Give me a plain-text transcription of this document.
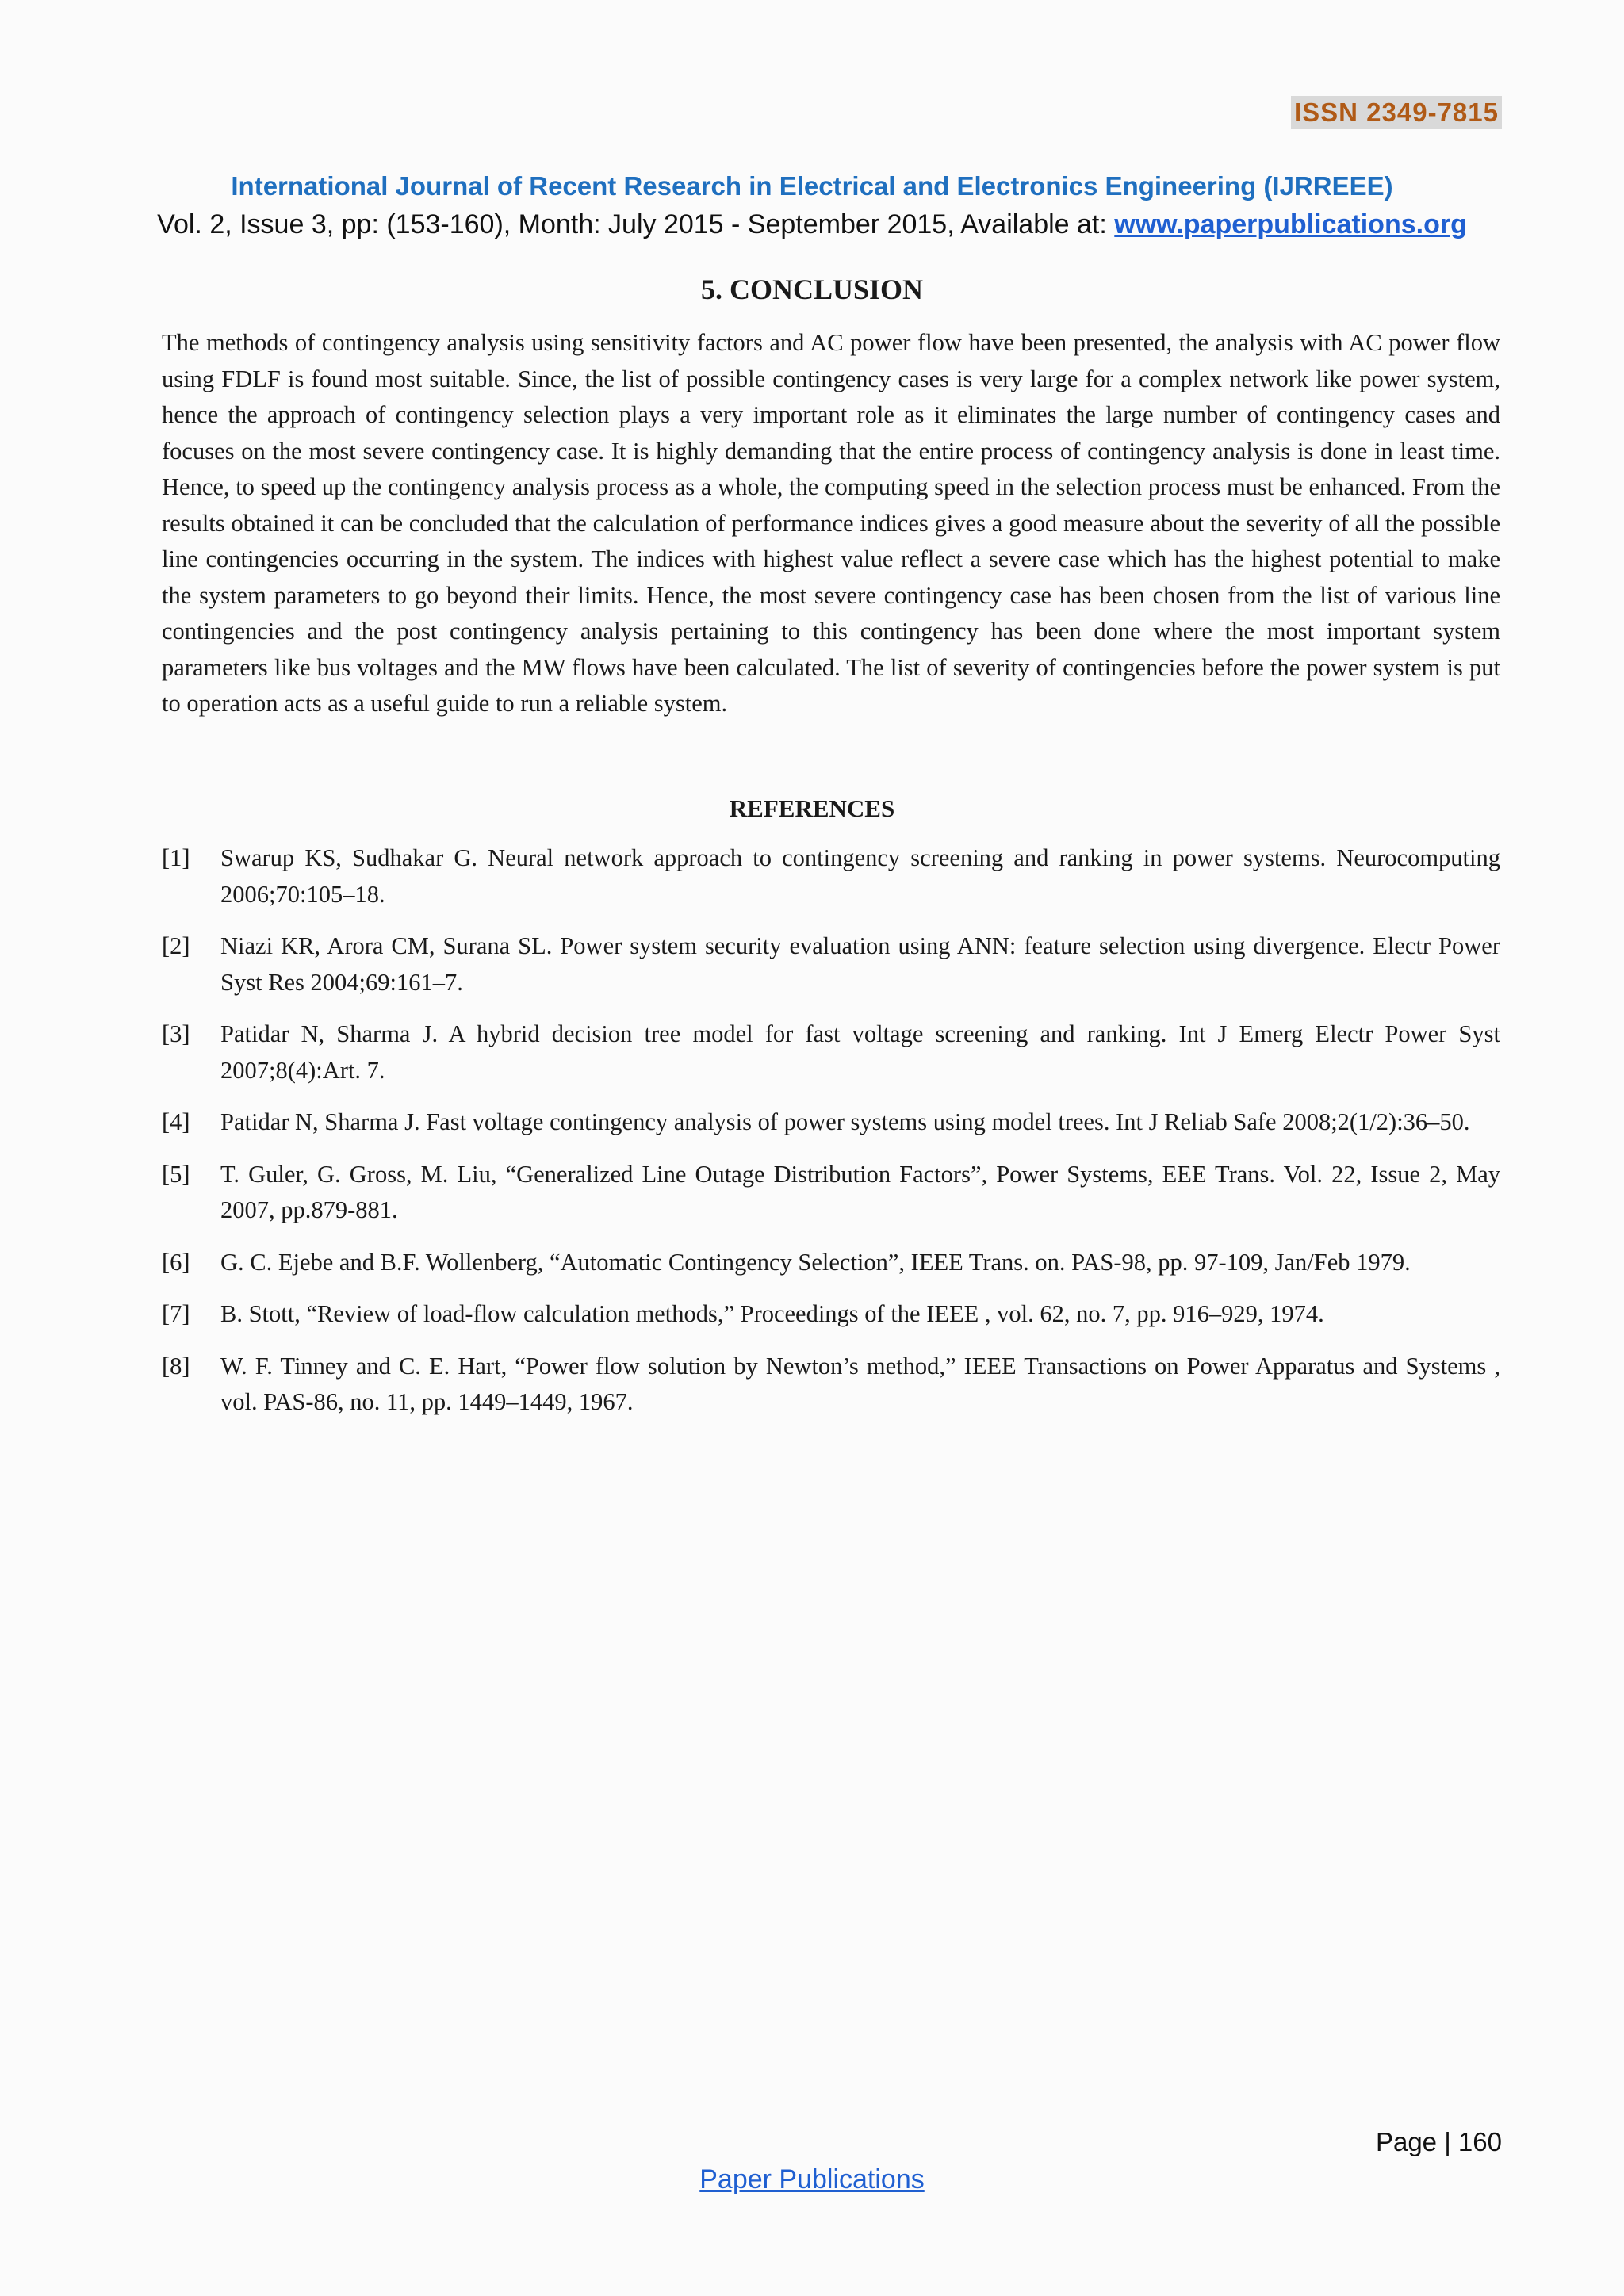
ISSN 2349-7815
International Journal of Recent Research in Electrical and Electronics Engineering (IJRREEE)
Vol. 2, Issue 3, pp: (153-160), Month: July 2015 - September 2015, Available at: www.paperpublications.org
5. CONCLUSION

The methods of contingency analysis using sensitivity factors and AC power flow have been presented, the analysis with AC power flow using FDLF is found most suitable. Since, the list of possible contingency cases is very large for a complex network like power system, hence the approach of contingency selection plays a very important role as it eliminates the large number of contingency cases and focuses on the most severe contingency case. It is highly demanding that the entire process of contingency analysis is done in least time. Hence, to speed up the contingency analysis process as a whole, the computing speed in the selection process must be enhanced. From the results obtained it can be concluded that the calculation of performance indices gives a good measure about the severity of all the possible line contingencies occurring in the system. The indices with highest value reflect a severe case which has the highest potential to make the system parameters to go beyond their limits. Hence, the most severe contingency case has been chosen from the list of various line contingencies and the post contingency analysis pertaining to this contingency has been done where the most important system parameters like bus voltages and the MW flows have been calculated. The list of severity of contingencies before the power system is put to operation acts as a useful guide to run a reliable system.

REFERENCES
[1] Swarup KS, Sudhakar G. Neural network approach to contingency screening and ranking in power systems. Neurocomputing 2006;70:105–18.
[2] Niazi KR, Arora CM, Surana SL. Power system security evaluation using ANN: feature selection using divergence. Electr Power Syst Res 2004;69:161–7.
[3] Patidar N, Sharma J. A hybrid decision tree model for fast voltage screening and ranking. Int J Emerg Electr Power Syst 2007;8(4):Art. 7.
[4] Patidar N, Sharma J. Fast voltage contingency analysis of power systems using model trees. Int J Reliab Safe 2008;2(1/2):36–50.
[5] T. Guler, G. Gross, M. Liu, “Generalized Line Outage Distribution Factors”, Power Systems, EEE Trans. Vol. 22, Issue 2, May 2007, pp.879-881.
[6] G. C. Ejebe and B.F. Wollenberg, “Automatic Contingency Selection”, IEEE Trans. on. PAS-98, pp. 97-109, Jan/Feb 1979.
[7] B. Stott, “Review of load-flow calculation methods,” Proceedings of the IEEE , vol. 62, no. 7, pp. 916–929, 1974.
[8] W. F. Tinney and C. E. Hart, “Power flow solution by Newton’s method,” IEEE Transactions on Power Apparatus and Systems , vol. PAS-86, no. 11, pp. 1449–1449, 1967.
Page | 160
Paper Publications
